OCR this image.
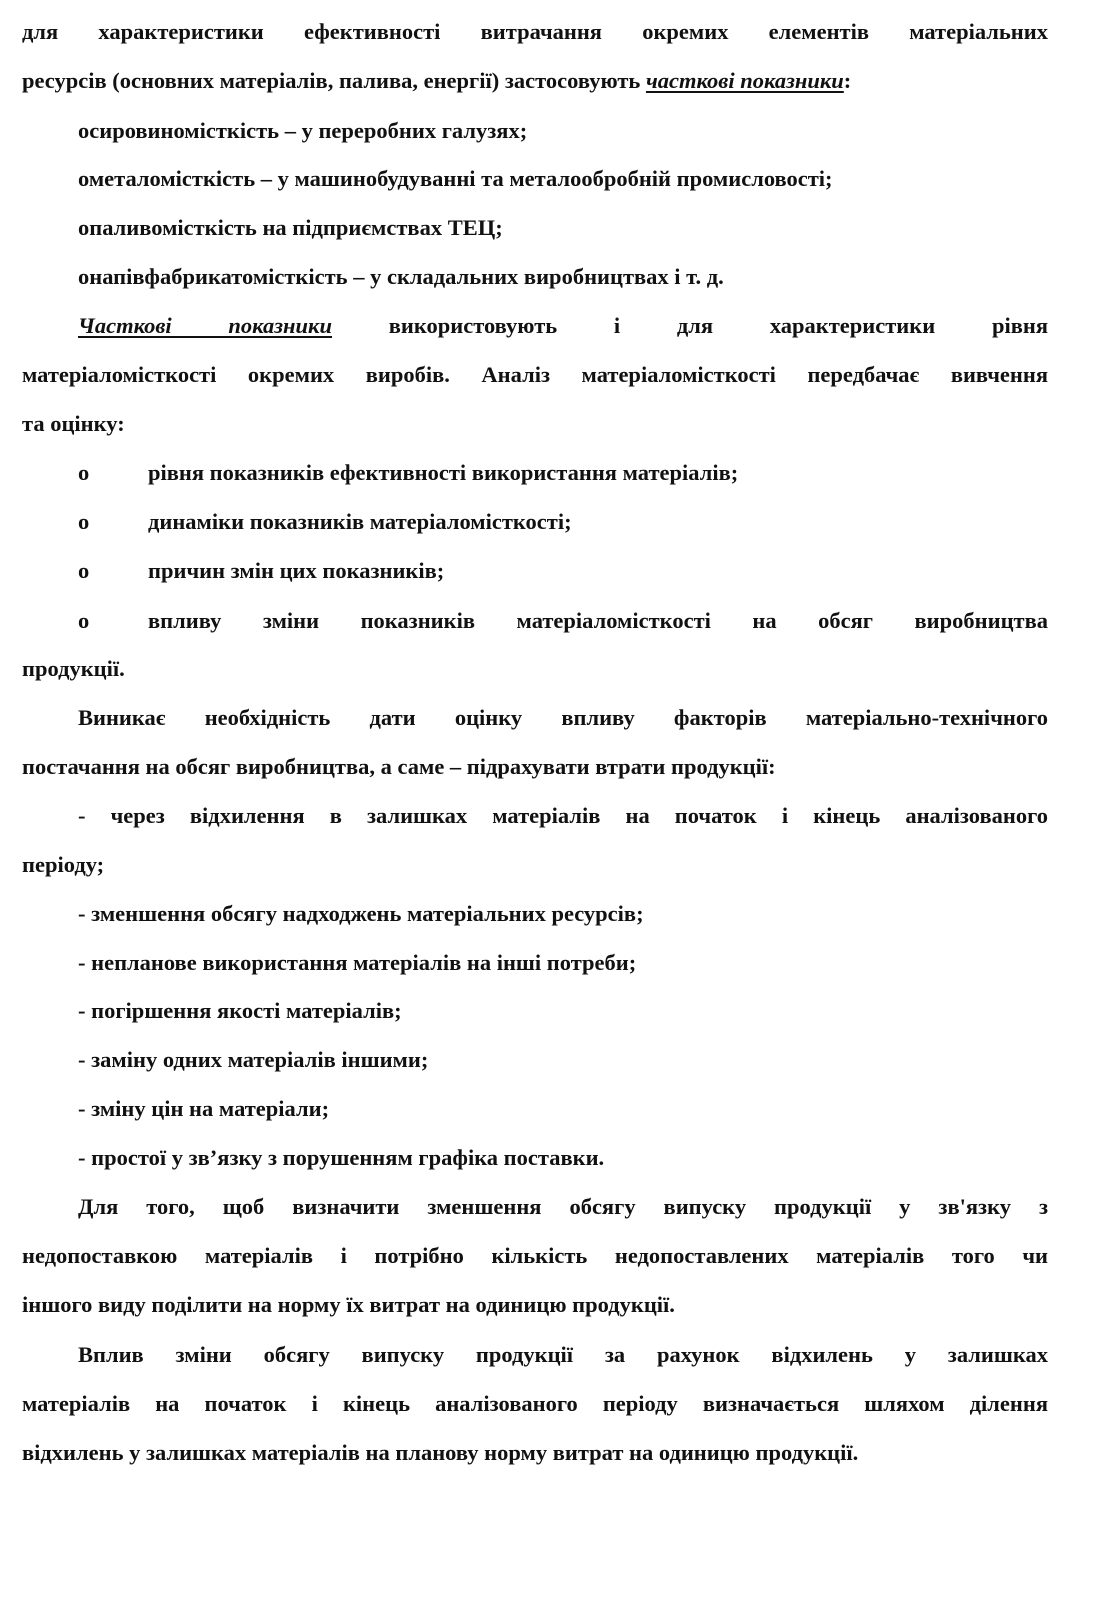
для характеристики ефективності витрачання окремих елементів матеріальних
ресурсів (основних матеріалів, палива, енергії) застосовують часткові показники:
осировиномісткість – у переробних галузях;
ометаломісткість – у машинобудуванні та металообробній промисловості;
опаливомісткість на підприємствах ТЕЦ;
онапівфабрикатомісткість – у складальних виробництвах і т. д.
Часткові показники використовують і для характеристики рівня
матеріаломісткості окремих виробів. Аналіз матеріаломісткості передбачає вивчення
та оцінку:
о	рівня показників ефективності використання матеріалів;
о	динаміки показників матеріаломісткості;
о	причин змін цих показників;
о	впливу зміни показників матеріаломісткості на обсяг виробництва
продукції.
Виникає необхідність дати оцінку впливу факторів матеріально-технічного
постачання на обсяг виробництва, а саме – підрахувати втрати продукції:
- через відхилення в залишках матеріалів на початок і кінець аналізованого
періоду;
- зменшення обсягу надходжень матеріальних ресурсів;
- непланове використання матеріалів на інші потреби;
- погіршення якості матеріалів;
- заміну одних матеріалів іншими;
- зміну цін на матеріали;
- простої у зв’язку з порушенням графіка поставки.
Для того, щоб визначити зменшення обсягу випуску продукції у зв'язку з
недопоставкою матеріалів і потрібно кількість недопоставлених матеріалів того чи
іншого виду поділити на норму їх витрат на одиницю продукції.
Вплив зміни обсягу випуску продукції за рахунок відхилень у залишках
матеріалів на початок і кінець аналізованого періоду визначається шляхом ділення
відхилень у залишках матеріалів на планову норму витрат на одиницю продукції.
